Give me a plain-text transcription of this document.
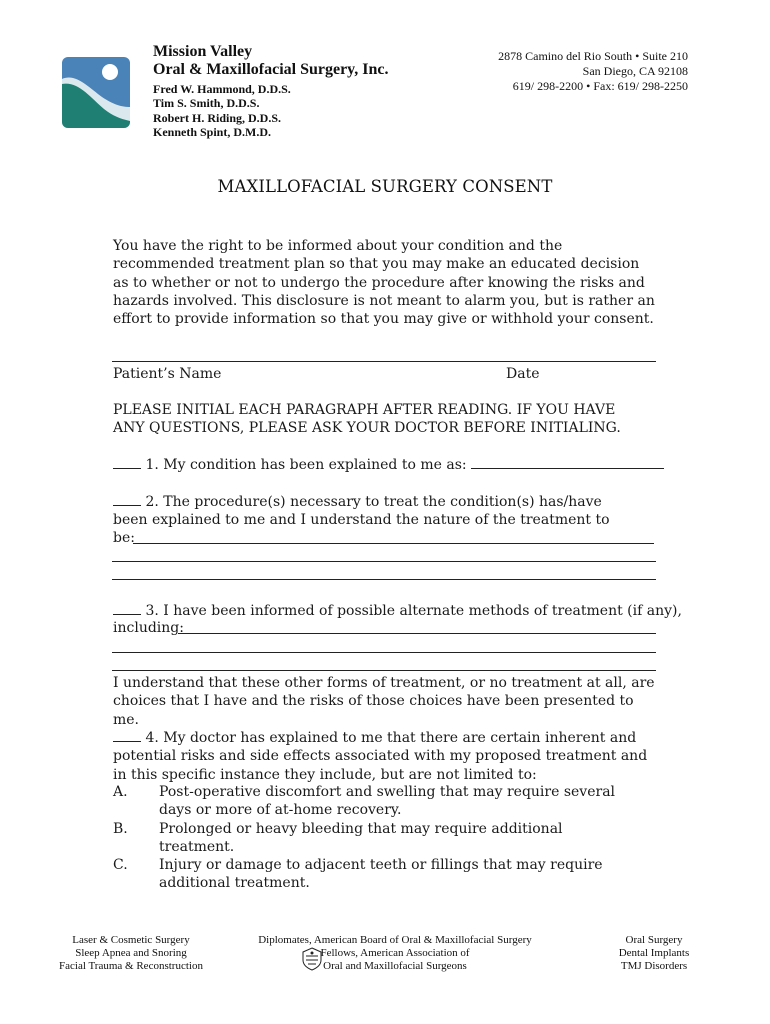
Mission Valley
Oral & Maxillofacial Surgery, Inc.
Fred W. Hammond, D.D.S.
Tim S. Smith, D.D.S.
Robert H. Riding, D.D.S.
Kenneth Spint, D.M.D.
2878 Camino del Rio South • Suite 210
San Diego, CA 92108
619/ 298-2200 • Fax: 619/ 298-2250
MAXILLOFACIAL SURGERY CONSENT
You have the right to be informed about your condition and the recommended treatment plan so that you may make an educated decision as to whether or not to undergo the procedure after knowing the risks and hazards involved. This disclosure is not meant to alarm you, but is rather an effort to provide information so that you may give or withhold your consent.
Patient’s Name	Date
PLEASE INITIAL EACH PARAGRAPH AFTER READING. IF YOU HAVE ANY QUESTIONS, PLEASE ASK YOUR DOCTOR BEFORE INITIALING.
1. My condition has been explained to me as:
2. The procedure(s) necessary to treat the condition(s) has/have been explained to me and I understand the nature of the treatment to
be:
3. I have been informed of possible alternate methods of treatment (if any),
including:
I understand that these other forms of treatment, or no treatment at all, are choices that I have and the risks of those choices have been presented to me.
4. My doctor has explained to me that there are certain inherent and potential risks and side effects associated with my proposed treatment and in this specific instance they include, but are not limited to:
A. Post-operative discomfort and swelling that may require several days or more of at-home recovery.
B. Prolonged or heavy bleeding that may require additional treatment.
C. Injury or damage to adjacent teeth or fillings that may require additional treatment.
Laser & Cosmetic Surgery
Sleep Apnea and Snoring
Facial Trauma & Reconstruction
Diplomates, American Board of Oral & Maxillofacial Surgery
Fellows, American Association of
Oral and Maxillofacial Surgeons
Oral Surgery
Dental Implants
TMJ Disorders
